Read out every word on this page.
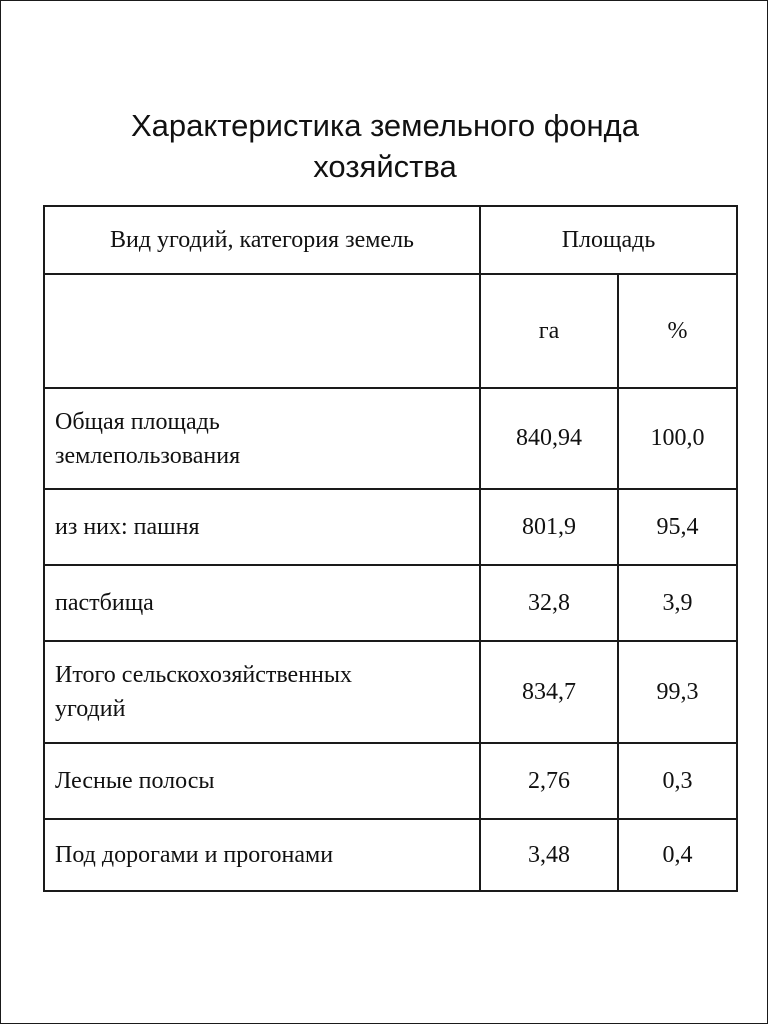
Характеристика земельного фонда
хозяйства
Вид угодий, категория земель	Площадь	
	га	%

Общая площадь
землепользования	840,94	100,0

из них: пашня	801,9	95,4

пастбища	32,8	3,9

Итого сельскохозяйственных
угодий	834,7	99,3

Лесные полосы	2,76	0,3

Под дорогами и прогонами	3,48	0,4
